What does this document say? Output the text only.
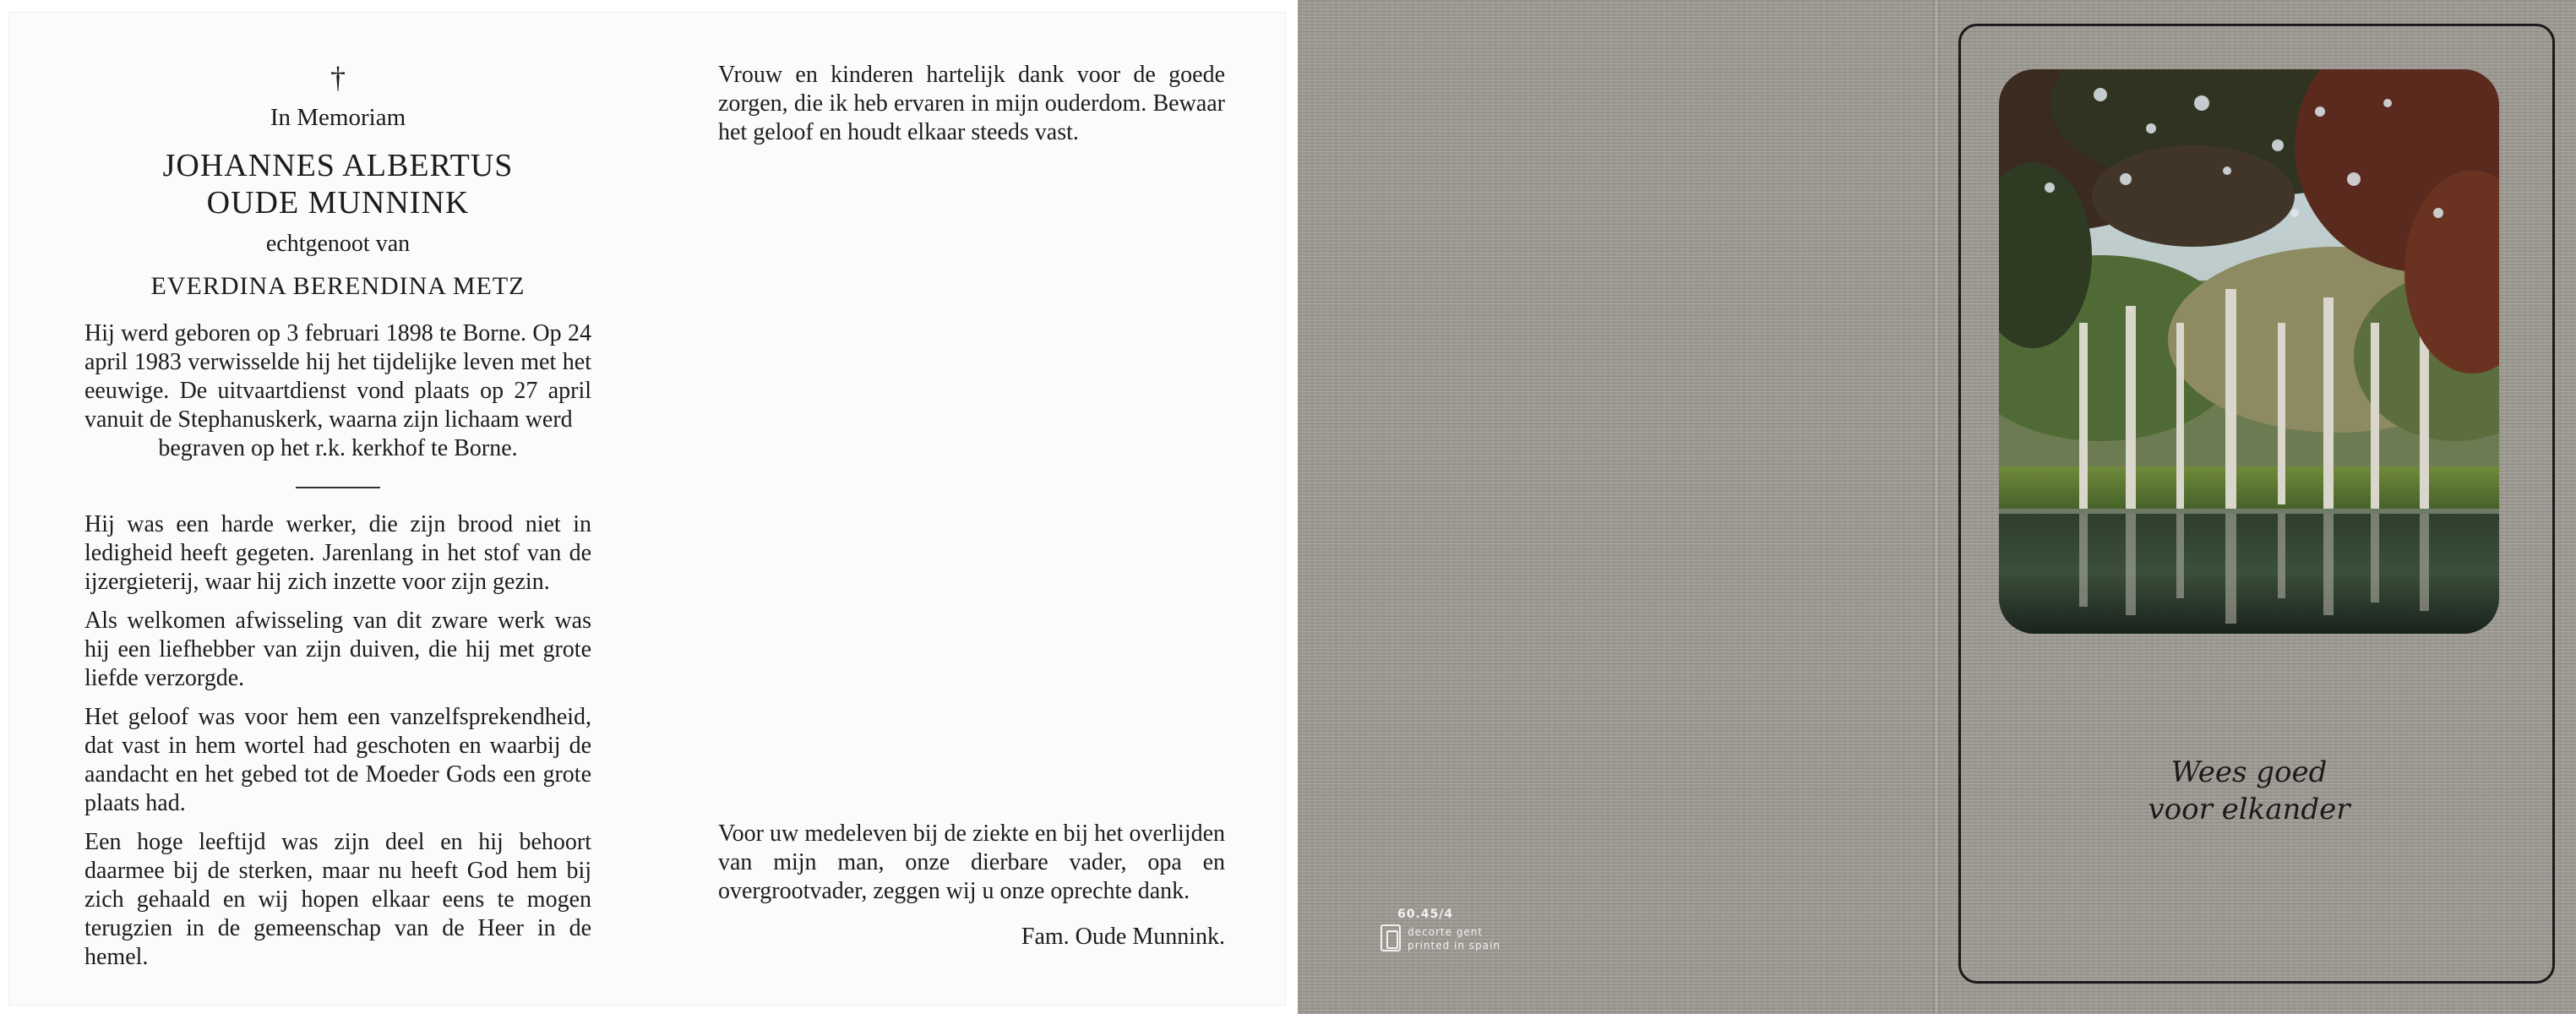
†
In Memoriam
JOHANNES ALBERTUS
OUDE MUNNINK
echtgenoot van
EVERDINA BERENDINA METZ
Hij werd geboren op 3 februari 1898 te Borne. Op 24 april 1983 verwisselde hij het tijdelijke leven met het eeuwige. De uitvaartdienst vond plaats op 27 april vanuit de Stephanuskerk, waarna zijn lichaam werd
begraven op het r.k. kerkhof te Borne.
Hij was een harde werker, die zijn brood niet in ledigheid heeft gegeten. Jarenlang in het stof van de ijzergieterij, waar hij zich inzette voor zijn gezin.
Als welkomen afwisseling van dit zware werk was hij een liefhebber van zijn duiven, die hij met grote liefde verzorgde.
Het geloof was voor hem een vanzelfsprekendheid, dat vast in hem wortel had geschoten en waarbij de aandacht en het gebed tot de Moeder Gods een grote plaats had.
Een hoge leeftijd was zijn deel en hij behoort daarmee bij de sterken, maar nu heeft God hem bij zich gehaald en wij hopen elkaar eens te mogen terugzien in de gemeenschap van de Heer in de hemel.
Vrouw en kinderen hartelijk dank voor de goede zorgen, die ik heb ervaren in mijn ouderdom. Bewaar het geloof en houdt elkaar steeds vast.
Voor uw medeleven bij de ziekte en bij het overlijden van mijn man, onze dierbare vader, opa en overgrootvader, zeggen wij u onze oprechte dank.
Fam. Oude Munnink.
60.45/4
decorte gent
printed in spain
Wees goed
voor elkander
